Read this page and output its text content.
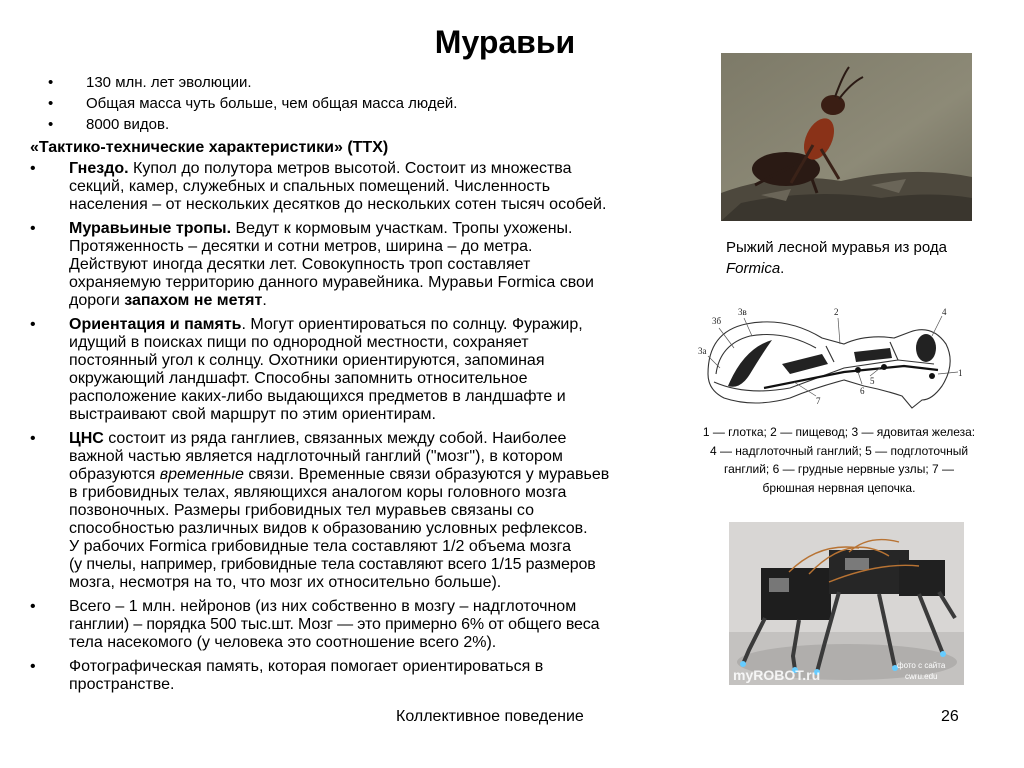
Муравьи
• 130 млн. лет эволюции.
• Общая масса чуть больше, чем общая масса людей.
• 8000 видов.
«Тактико-технические характеристики» (ТТХ)
• Гнездо. Купол до полутора метров высотой. Состоит из множества
секций, камер, служебных и спальных помещений. Численность
населения – от нескольких десятков до нескольких сотен тысяч особей.
• Муравьиные тропы. Ведут к кормовым участкам. Тропы ухожены.
Протяженность – десятки и сотни метров, ширина – до метра.
Действуют иногда десятки лет. Совокупность троп составляет
охраняемую территорию данного муравейника. Муравьи Formica свои
дороги запахом не метят.
• Ориентация и память. Могут ориентироваться по солнцу. Фуражир,
идущий в поисках пищи по однородной местности, сохраняет
постоянный угол к солнцу. Охотники ориентируются, запоминая
окружающий ландшафт. Способны запомнить относительное
расположение каких-либо выдающихся предметов в ландшафте и
выстраивают свой маршрут по этим ориентирам.
• ЦНС состоит из ряда ганглиев, связанных между собой. Наиболее
важной частью является надглоточный ганглий ("мозг"), в котором
образуются временные связи. Временные связи образуются у муравьев
в грибовидных телах, являющихся аналогом коры головного мозга
позвоночных. Размеры грибовидных тел муравьев связаны со
способностью различных видов к образованию условных рефлексов.
У рабочих Formica грибовидные тела составляют 1/2 объема мозга
(у пчелы, например, грибовидные тела составляют всего 1/15 размеров
мозга, несмотря на то, что мозг их относительно больше).
• Всего – 1 млн. нейронов (из них собственно в мозгу – надглоточном
ганглии) – порядка 500 тыс.шт. Мозг — это примерно 6% от общего веса
тела насекомого (у человека это соотношение всего 2%).
• Фотографическая память, которая помогает ориентироваться в
пространстве.
Рыжий лесной муравья из рода Formica.
3б
3в
3а
2	4
1
5
6
7
1 — глотка; 2 — пищевод; 3 — ядовитая железа: 4 — надглоточный ганглий; 5 — подглоточный ганглий; 6 — грудные нервные узлы; 7 — брюшная нервная цепочка.
myROBOT.ru
фото с сайта
cwru.edu
Коллективное поведение	26
